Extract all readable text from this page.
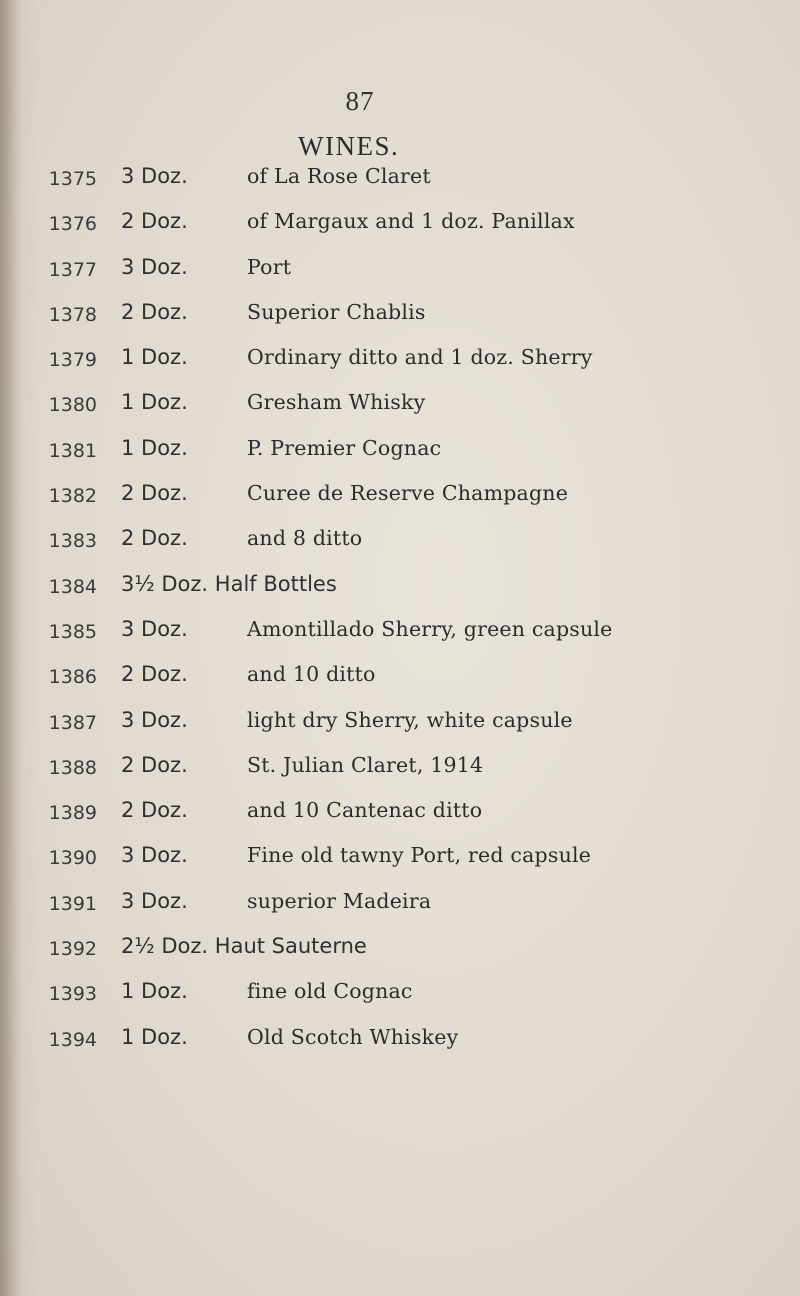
87
WINES.
1375 3 Doz.	of La Rose Claret
1376 2 Doz.	of Margaux and 1 doz. Panillax
1377 3 Doz.	Port
1378 2 Doz.	Superior Chablis
1379 1 Doz.	Ordinary ditto and 1 doz. Sherry
1380 1 Doz.	Gresham Whisky
1381 1 Doz.	P. Premier Cognac
1382 2 Doz.	Curee de Reserve Champagne
1383 2 Doz.	and 8 ditto
1384 3½ Doz. Half Bottles
1385 3 Doz.	Amontillado Sherry, green capsule
1386 2 Doz.	and 10 ditto
1387 3 Doz.	light dry Sherry, white capsule
1388 2 Doz.	St. Julian Claret, 1914
1389 2 Doz.	and 10 Cantenac ditto
1390 3 Doz.	Fine old tawny Port, red capsule
1391 3 Doz.	superior Madeira
1392 2½ Doz. Haut Sauterne
1393 1 Doz.	fine old Cognac
1394 1 Doz.	Old Scotch Whiskey
